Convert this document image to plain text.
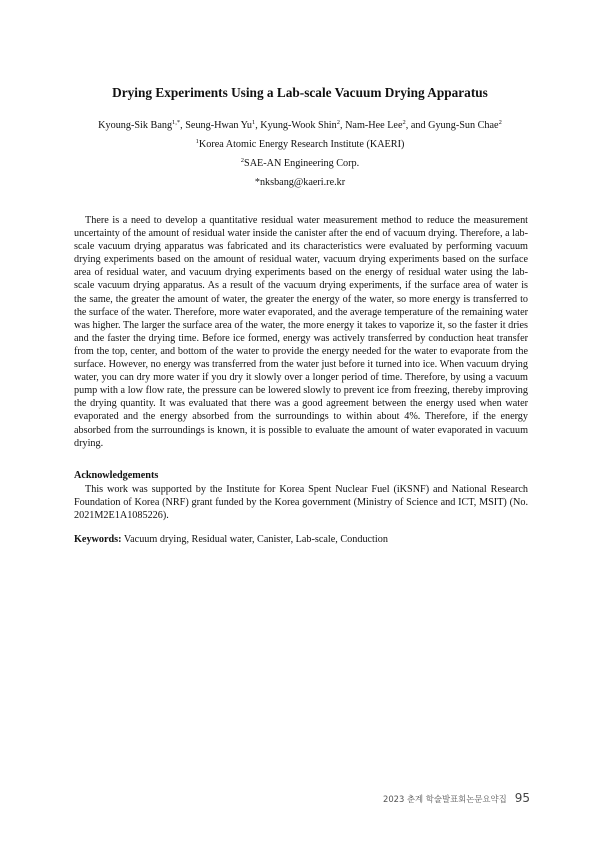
Drying Experiments Using a Lab-scale Vacuum Drying Apparatus
Kyoung-Sik Bang$^{1,*}$, Seung-Hwan Yu$^1$, Kyung-Wook Shin$^2$, Nam-Hee Lee$^2$, and Gyung-Sun Chae$^2$
$^1$Korea Atomic Energy Research Institute (KAERI)
$^2$SAE-AN Engineering Corp.
*nksbang@kaeri.re.kr

There is a need to develop a quantitative residual water measurement method to reduce the measurement uncertainty of the amount of residual water inside the canister after the end of vacuum drying. Therefore, a lab-scale vacuum drying apparatus was fabricated and its characteristics were evaluated by performing vacuum drying experiments based on the amount of residual water, vacuum drying experiments based on the surface area of residual water, and vacuum drying experiments based on the energy of residual water using the lab-scale vacuum drying apparatus. As a result of the vacuum drying experiments, if the surface area of water is the same, the greater the amount of water, the greater the energy of the water, so more energy is transferred to the surface of the water. Therefore, more water evaporated, and the average temperature of the remaining water was higher. The larger the surface area of the water, the more energy it takes to vaporize it, so the faster it dries and the faster the drying time. Before ice formed, energy was actively transferred by conduction heat transfer from the top, center, and bottom of the water to provide the energy needed for the water to evaporate from the surface. However, no energy was transferred from the water just before it turned into ice. When vacuum drying water, you can dry more water if you dry it slowly over a longer period of time. Therefore, by using a vacuum pump with a low flow rate, the pressure can be lowered slowly to prevent ice from freezing, thereby improving the drying quantity. It was evaluated that there was a good agreement between the energy used when water evaporated and the energy absorbed from the surroundings to within about 4%. Therefore, if the energy absorbed from the surroundings is known, it is possible to evaluate the amount of water evaporated in vacuum drying.

Acknowledgements

This work was supported by the Institute for Korea Spent Nuclear Fuel (iKSNF) and National Research Foundation of Korea (NRF) grant funded by the Korea government (Ministry of Science and ICT, MSIT) (No. 2021M2E1A1085226).

Keywords: Vacuum drying, Residual water, Canister, Lab-scale, Conduction

2023 춘계 학술발표회논문요약집 95
